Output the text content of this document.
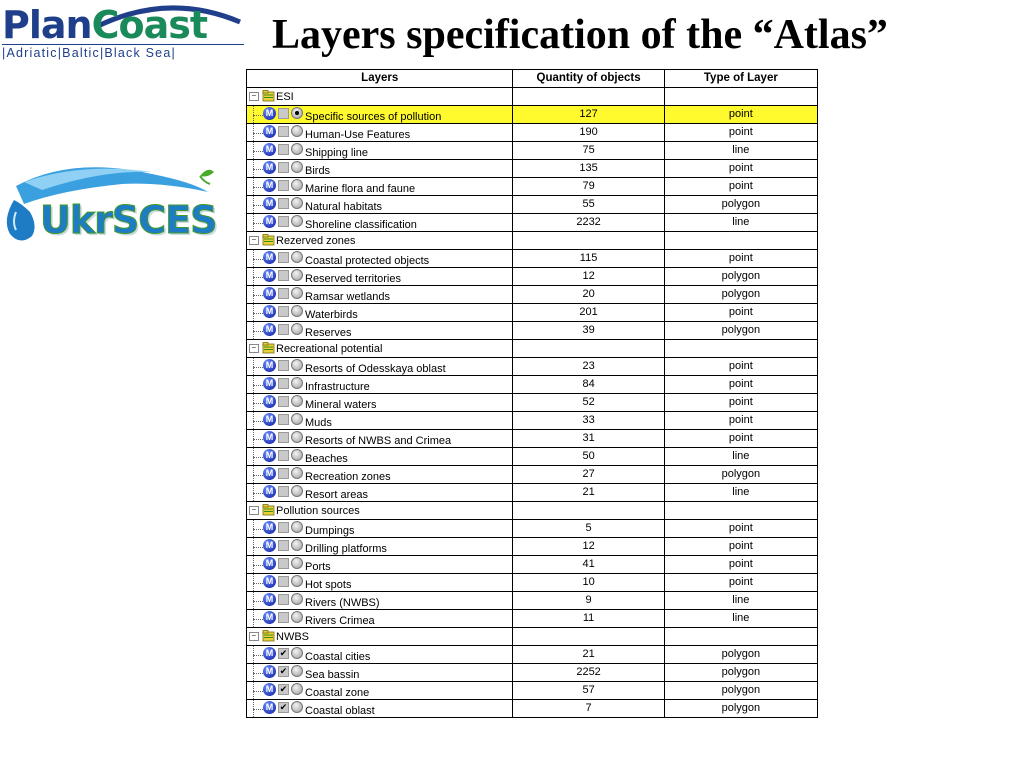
PlanCoast
|Adriatic|Baltic|Black Sea|	Layers specification of the “Atlas”
UkrSCES
Layers	Quantity of objects	Type of Layer

– ESI		

M Specific sources of pollution	127	point

M Human-Use Features	190	point

M Shipping line	75	line

M Birds	135	point

M Marine flora and faune	79	point

M Natural habitats	55	polygon

M Shoreline classification	2232	line

– Rezerved zones		

M Coastal protected objects	115	point

M Reserved territories	12	polygon

M Ramsar wetlands	20	polygon

M Waterbirds	201	point

M Reserves	39	polygon

– Recreational potential		

M Resorts of Odesskaya oblast	23	point

M Infrastructure	84	point

M Mineral waters	52	point

M Muds	33	point

M Resorts of NWBS and Crimea	31	point

M Beaches	50	line

M Recreation zones	27	polygon

M Resort areas	21	line

– Pollution sources		

M Dumpings	5	point

M Drilling platforms	12	point

M Ports	41	point

M Hot spots	10	point

M Rivers (NWBS)	9	line

M Rivers Crimea	11	line

– NWBS		

M ✔ Coastal cities	21	polygon

M ✔ Sea bassin	2252	polygon

M ✔ Coastal zone	57	polygon

M ✔ Coastal oblast	7	polygon
